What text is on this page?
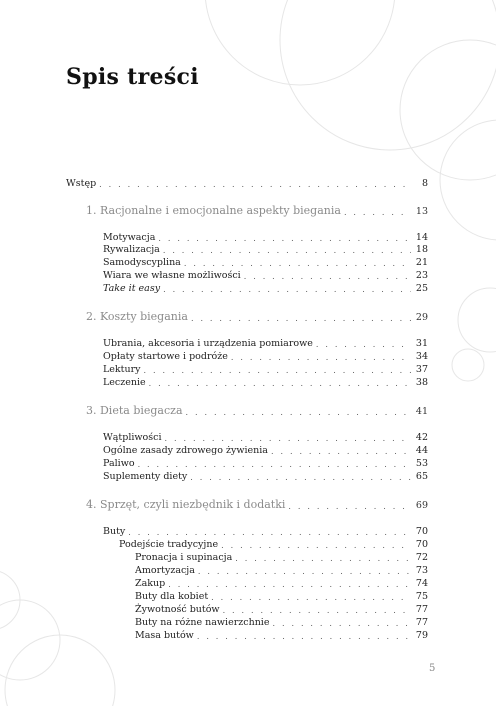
Spis treści
Wstęp . . .	8
1. Racjonalne i emocjonalne aspekty biegania . . .	13
Motywacja . . .	14
Rywalizacja . . .	18
Samodyscyplina . . .	21
Wiara we własne możliwości . . .	23
Take it easy . . .	25
2. Koszty biegania . . .	29
Ubrania, akcesoria i urządzenia pomiarowe . . .	31
Opłaty startowe i podróże . . .	34
Lektury . . .	37
Leczenie . . .	38
3. Dieta biegacza . . .	41
Wątpliwości . . .	42
Ogólne zasady zdrowego żywienia . . .	44
Paliwo . . .	53
Suplementy diety . . .	65
4. Sprzęt, czyli niezbędnik i dodatki . . .	69
Buty . . .	70
Podejście tradycyjne . . .	70
Pronacja i supinacja . . .	72
Amortyzacja . . .	73
Zakup . . .	74
Buty dla kobiet . . .	75
Żywotność butów . . .	77
Buty na różne nawierzchnie . . .	77
Masa butów . . .	79
5
